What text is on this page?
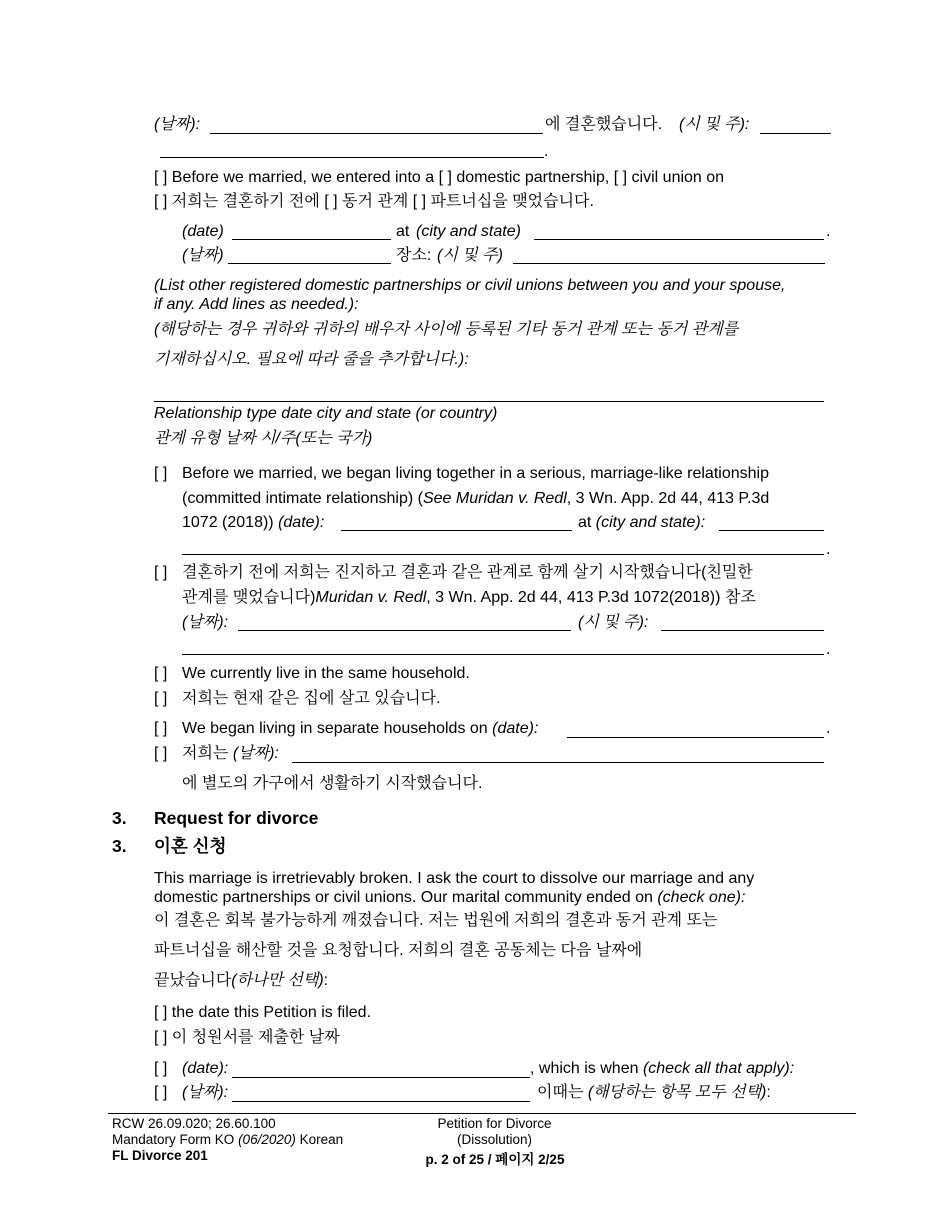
(날짜):	에 결혼했습니다. (시 및 주):
.
[ ] Before we married, we entered into a [ ] domestic partnership, [ ] civil union on
[ ] 저희는 결혼하기 전에 [ ] 동거 관계 [ ] 파트너십을 맺었습니다.
(date)	at (city and state)	.
(날짜)	장소: (시 및 주)
(List other registered domestic partnerships or civil unions between you and your spouse,
if any. Add lines as needed.):
(해당하는 경우 귀하와 귀하의 배우자 사이에 등록된 기타 동거 관계 또는 동거 관계를
기재하십시오. 필요에 따라 줄을 추가합니다.):
Relationship type date city and state (or country)
관계 유형 날짜 시/주(또는 국가)
[ ] Before we married, we began living together in a serious, marriage-like relationship
(committed intimate relationship) (See Muridan v. Redl, 3 Wn. App. 2d 44, 413 P.3d
1072 (2018)) (date):	at (city and state):
.
[ ] 결혼하기 전에 저희는 진지하고 결혼과 같은 관계로 함께 살기 시작했습니다(친밀한
관계를 맺었습니다)Muridan v. Redl, 3 Wn. App. 2d 44, 413 P.3d 1072(2018)) 참조
(날짜):	(시 및 주):
.
[ ] We currently live in the same household.
[ ] 저희는 현재 같은 집에 살고 있습니다.
[ ] We began living in separate households on (date):	.
[ ] 저희는 (날짜):
에 별도의 가구에서 생활하기 시작했습니다.
3. Request for divorce
3. 이혼 신청
This marriage is irretrievably broken. I ask the court to dissolve our marriage and any
domestic partnerships or civil unions. Our marital community ended on (check one):
이 결혼은 회복 불가능하게 깨졌습니다. 저는 법원에 저희의 결혼과 동거 관계 또는
파트너십을 해산할 것을 요청합니다. 저희의 결혼 공동체는 다음 날짜에
끝났습니다(하나만 선택):
[ ] the date this Petition is filed.
[ ] 이 청원서를 제출한 날짜
[ ] (date):	, which is when (check all that apply):
[ ] (날짜):	이때는 (해당하는 항목 모두 선택):
RCW 26.09.020; 26.60.100
Mandatory Form KO (06/2020) Korean
FL Divorce 201
Petition for Divorce
(Dissolution)
p. 2 of 25 / 페이지 2/25
